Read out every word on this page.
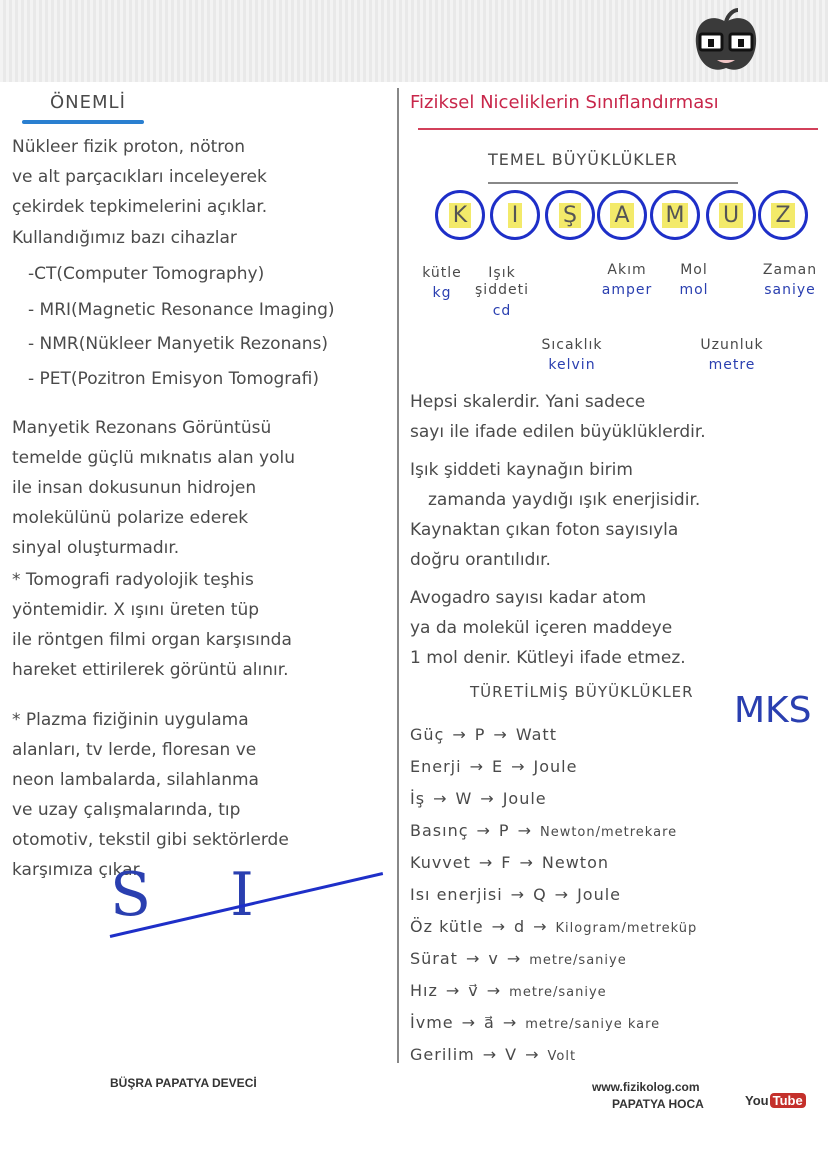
ÖNEMLİ
Nükleer fizik proton, nötron
ve alt parçacıkları inceleyerek
çekirdek tepkimelerini açıklar.
Kullandığımız bazı cihazlar
-CT(Computer Tomography)
- MRI(Magnetic Resonance Imaging)
- NMR(Nükleer Manyetik Rezonans)
- PET(Pozitron Emisyon Tomografi)
Manyetik Rezonans Görüntüsü
temelde güçlü mıknatıs alan yolu
ile insan dokusunun hidrojen
molekülünü polarize ederek
sinyal oluşturmadır.
* Tomografi radyolojik teşhis
yöntemidir. X ışını üreten tüp
ile röntgen filmi organ karşısında
hareket ettirilerek görüntü alınır.
* Plazma fiziğinin uygulama
alanları, tv lerde, floresan ve
neon lambalarda, silahlanma
ve uzay çalışmalarında, tıp
otomotiv, tekstil gibi sektörlerde
karşımıza çıkar.
S I
Fiziksel Niceliklerin Sınıflandırması
TEMEL BÜYÜKLÜKLER
K I Ş A M U Z
kütle
kg
Işık şiddeti
cd
Sıcaklık
kelvin
Akım
amper
Mol
mol
Uzunluk
metre
Zaman
saniye
Hepsi skalerdir. Yani sadece
sayı ile ifade edilen büyüklüklerdir.
Işık şiddeti kaynağın birim
zamanda yaydığı ışık enerjisidir.
Kaynaktan çıkan foton sayısıyla
doğru orantılıdır.
Avogadro sayısı kadar atom
ya da molekül içeren maddeye
1 mol denir. Kütleyi ifade etmez.
MKS
TÜRETİLMİŞ BÜYÜKLÜKLER
Güç → P → Watt
Enerji → E → Joule
İş → W → Joule
Basınç → P → Newton/metrekare
Kuvvet → F → Newton
Isı enerjisi → Q → Joule
Öz kütle → d → Kilogram/metreküp
Sürat → v → metre/saniye
Hız → v⃗ → metre/saniye
İvme → a⃗ → metre/saniye kare
Gerilim → V → Volt
BÜŞRA PAPATYA DEVECİ	www.fizikolog.com
PAPATYA HOCA	You Tube
